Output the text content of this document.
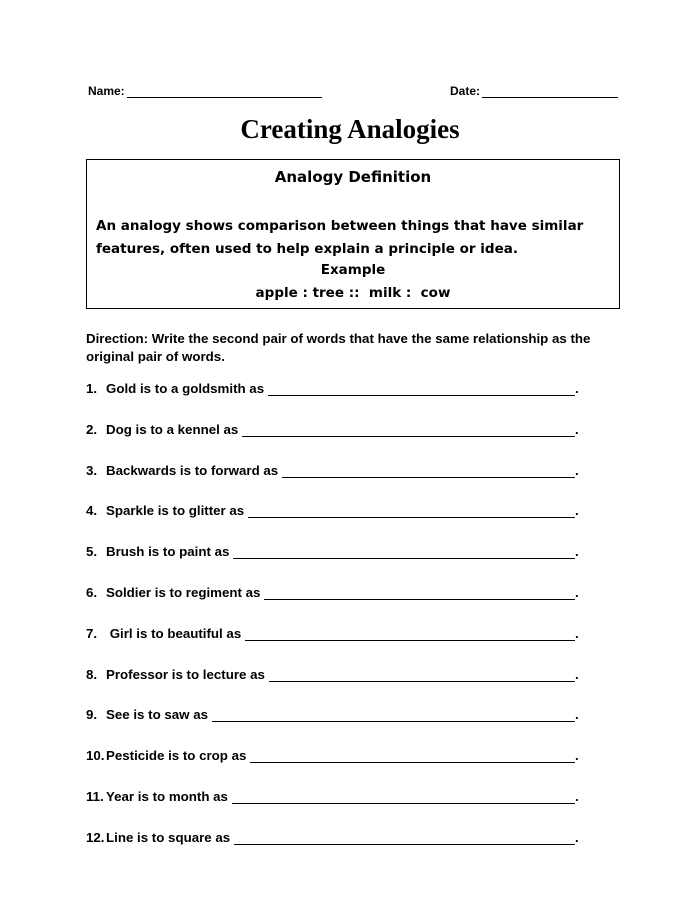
Name:	Date:
Creating Analogies
Analogy Definition
An analogy shows comparison between things that have similar features, often used to help explain a principle or idea.
Example
apple : tree ::  milk :  cow
Direction: Write the second pair of words that have the same relationship as the original pair of words.
1. Gold is to a goldsmith as	.
2. Dog is to a kennel as	.
3. Backwards is to forward as	.
4. Sparkle is to glitter as	.
5. Brush is to paint as	.
6. Soldier is to regiment as	.
7. Girl is to beautiful as	.
8. Professor is to lecture as	.
9. See is to saw as	.
10. Pesticide is to crop as	.
11. Year is to month as	.
12. Line is to square as	.
